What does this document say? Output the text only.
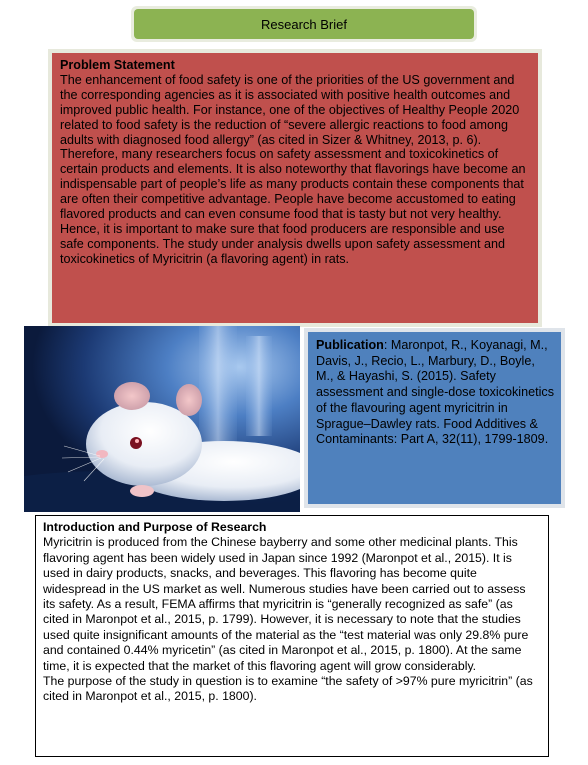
Research Brief
Problem Statement
The enhancement of food safety is one of the priorities of the US government and the corresponding agencies as it is associated with positive health outcomes and improved public health. For instance, one of the objectives of Healthy People 2020 related to food safety is the reduction of “severe allergic reactions to food among adults with diagnosed food allergy” (as cited in Sizer & Whitney, 2013, p. 6). Therefore, many researchers focus on safety assessment and toxicokinetics of certain products and elements. It is also noteworthy that flavorings have become an indispensable part of people’s life as many products contain these components that are often their competitive advantage. People have become accustomed to eating flavored products and can even consume food that is tasty but not very healthy. Hence, it is important to make sure that food producers are responsible and use safe components. The study under analysis dwells upon safety assessment and toxicokinetics of Myricitrin (a flavoring agent) in rats.
Publication: Maronpot, R., Koyanagi, M., Davis, J., Recio, L., Marbury, D., Boyle, M., & Hayashi, S. (2015). Safety assessment and single-dose toxicokinetics of the flavouring agent myricitrin in Sprague–Dawley rats. Food Additives & Contaminants: Part A, 32(11), 1799-1809.
Introduction and Purpose of Research

Myricitrin is produced from the Chinese bayberry and some other medicinal plants. This flavoring agent has been widely used in Japan since 1992 (Maronpot et al., 2015). It is used in dairy products, snacks, and beverages. This flavoring has become quite widespread in the US market as well. Numerous studies have been carried out to assess its safety. As a result, FEMA affirms that myricitrin is “generally recognized as safe” (as cited in Maronpot et al., 2015, p. 1799). However, it is necessary to note that the studies used quite insignificant amounts of the material as the “test material was only 29.8% pure and contained 0.44% myricetin” (as cited in Maronpot et al., 2015, p. 1800). At the same time, it is expected that the market of this flavoring agent will grow considerably.

The purpose of the study in question is to examine “the safety of >97% pure myricitrin” (as cited in Maronpot et al., 2015, p. 1800).
